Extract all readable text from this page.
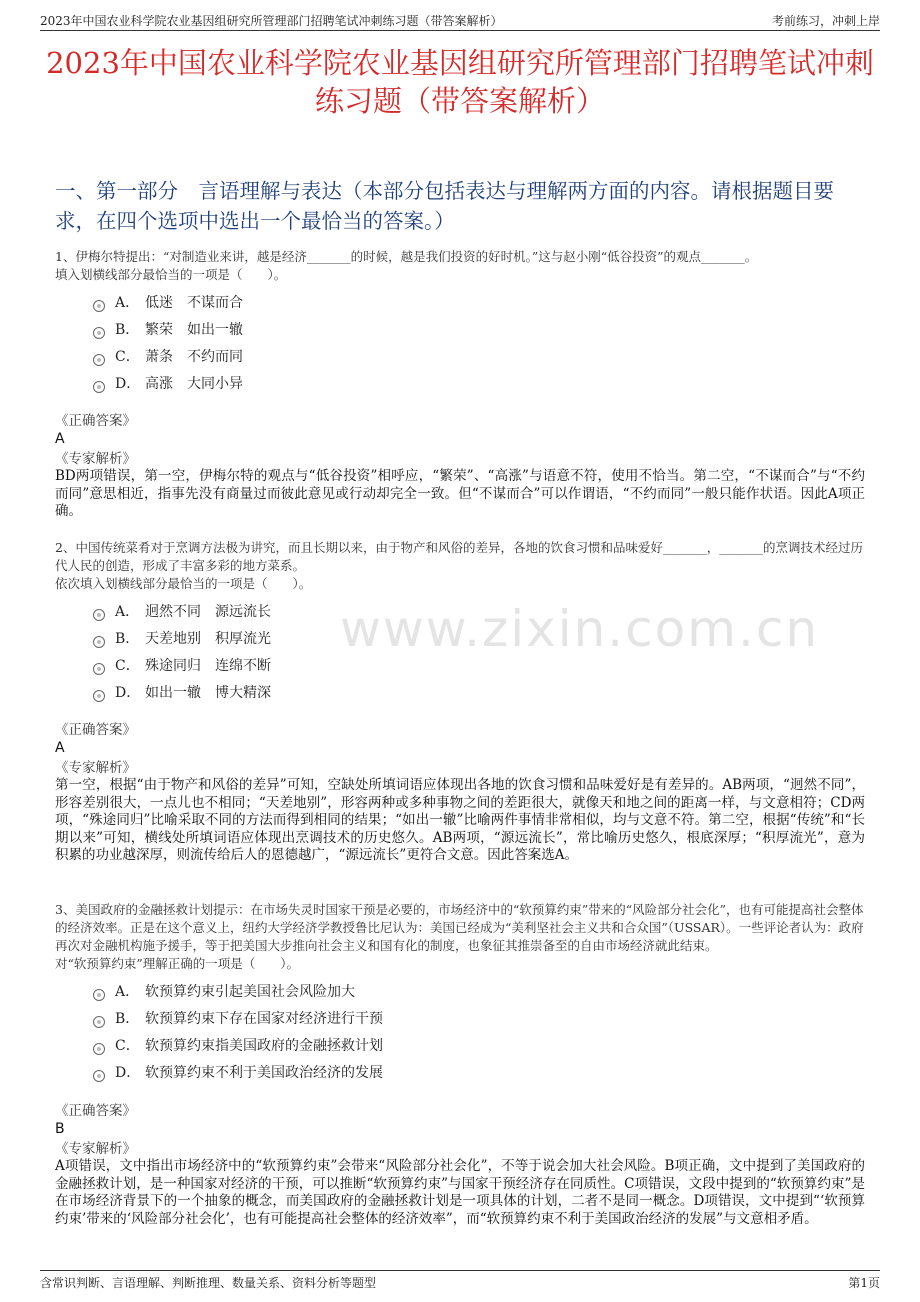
2023年中国农业科学院农业基因组研究所管理部门招聘笔试冲刺练习题（带答案解析）	考前练习，冲刺上岸
2023年中国农业科学院农业基因组研究所管理部门招聘笔试冲刺练习题（带答案解析）
一、第一部分　言语理解与表达（本部分包括表达与理解两方面的内容。请根据题目要求，在四个选项中选出一个最恰当的答案。）
www.zixin.com.cn
1、伊梅尔特提出：“对制造业来讲，越是经济_______的时候，越是我们投资的好时机。”这与赵小刚“低谷投资”的观点_______。
填入划横线部分最恰当的一项是（　　）。
A． 低迷　不谋而合
B． 繁荣　如出一辙
C． 萧条　不约而同
D． 高涨　大同小异
《正确答案》
A
《专家解析》
BD两项错误，第一空，伊梅尔特的观点与“低谷投资”相呼应，“繁荣”、“高涨”与语意不符，使用不恰当。第二空，“不谋而合”与“不约而同”意思相近，指事先没有商量过而彼此意见或行动却完全一致。但“不谋而合”可以作谓语，“不约而同”一般只能作状语。因此A项正确。
2、中国传统菜肴对于烹调方法极为讲究，而且长期以来，由于物产和风俗的差异，各地的饮食习惯和品味爱好_______，_______的烹调技术经过历代人民的创造，形成了丰富多彩的地方菜系。
依次填入划横线部分最恰当的一项是（　　）。
A． 迥然不同　源远流长
B． 天差地别　积厚流光
C． 殊途同归　连绵不断
D． 如出一辙　博大精深
《正确答案》
A
《专家解析》
第一空，根据“由于物产和风俗的差异”可知，空缺处所填词语应体现出各地的饮食习惯和品味爱好是有差异的。AB两项，“迥然不同”，形容差别很大，一点儿也不相同；“天差地别”，形容两种或多种事物之间的差距很大，就像天和地之间的距离一样，与文意相符；CD两项，“殊途同归”比喻采取不同的方法而得到相同的结果；“如出一辙”比喻两件事情非常相似，均与文意不符。第二空，根据“传统”和“长期以来”可知，横线处所填词语应体现出烹调技术的历史悠久。AB两项，“源远流长”，常比喻历史悠久，根底深厚；“积厚流光”，意为积累的功业越深厚，则流传给后人的恩德越广，“源远流长”更符合文意。因此答案选A。
3、美国政府的金融拯救计划提示：在市场失灵时国家干预是必要的，市场经济中的“软预算约束”带来的“风险部分社会化”，也有可能提高社会整体的经济效率。正是在这个意义上，纽约大学经济学教授鲁比尼认为：美国已经成为“美利坚社会主义共和合众国”（USSAR）。一些评论者认为：政府再次对金融机构施予援手，等于把美国大步推向社会主义和国有化的制度，也象征其推崇备至的自由市场经济就此结束。
对“软预算约束”理解正确的一项是（　　）。
A． 软预算约束引起美国社会风险加大
B． 软预算约束下存在国家对经济进行干预
C． 软预算约束指美国政府的金融拯救计划
D． 软预算约束不利于美国政治经济的发展
《正确答案》
B
《专家解析》
A项错误，文中指出市场经济中的“软预算约束”会带来“风险部分社会化”，不等于说会加大社会风险。B项正确，文中提到了美国政府的金融拯救计划，是一种国家对经济的干预，可以推断“软预算约束”与国家干预经济存在同质性。C项错误，文段中提到的“软预算约束”是在市场经济背景下的一个抽象的概念，而美国政府的金融拯救计划是一项具体的计划，二者不是同一概念。D项错误，文中提到“‘软预算约束’带来的‘风险部分社会化’，也有可能提高社会整体的经济效率”，而“软预算约束不利于美国政治经济的发展”与文意相矛盾。
含常识判断、言语理解、判断推理、数量关系、资料分析等题型	第1页
